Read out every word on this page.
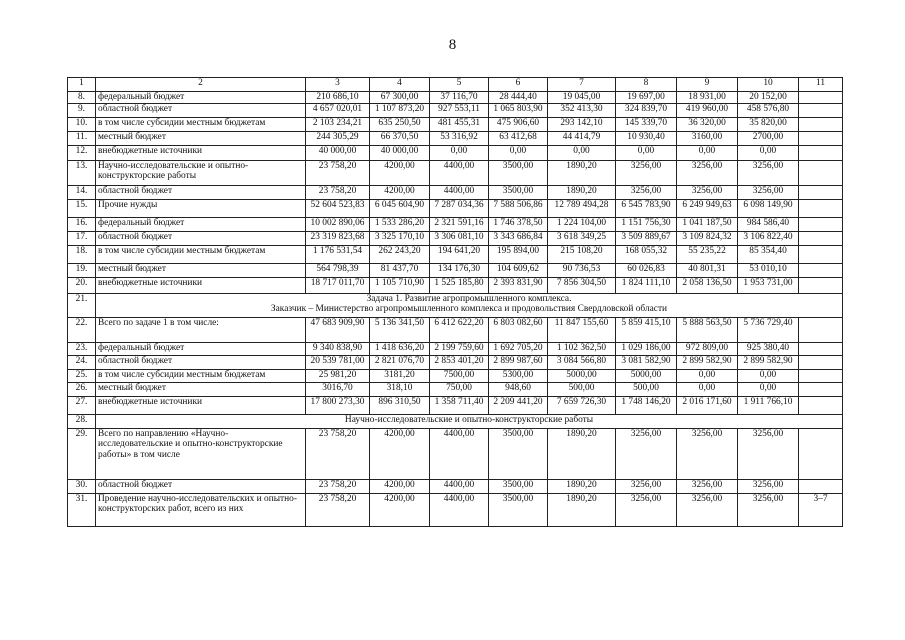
8
1	2	3	4	5	6	7	8	9	10	11
8.	федеральный бюджет	210 686,10	67 300,00	37 116,70	28 444,40	19 045,00	19 697,00	18 931,00	20 152,00	
9.	областной бюджет	4 657 020,01	1 107 873,20	927 553,11	1 065 803,90	352 413,30	324 839,70	419 960,00	458 576,80	
10.	в том числе субсидии местным бюджетам	2 103 234,21	635 250,50	481 455,31	475 906,60	293 142,10	145 339,70	36 320,00	35 820,00	
11.	местный бюджет	244 305,29	66 370,50	53 316,92	63 412,68	44 414,79	10 930,40	3160,00	2700,00	
12.	внебюджетные источники	40 000,00	40 000,00	0,00	0,00	0,00	0,00	0,00	0,00	
13.	Научно-исследовательские и опытно-конструкторские работы	23 758,20	4200,00	4400,00	3500,00	1890,20	3256,00	3256,00	3256,00	
14.	областной бюджет	23 758,20	4200,00	4400,00	3500,00	1890,20	3256,00	3256,00	3256,00	
15.	Прочие нужды	52 604 523,83	6 045 604,90	7 287 034,36	7 588 506,86	12 789 494,28	6 545 783,90	6 249 949,63	6 098 149,90	
16.	федеральный бюджет	10 002 890,06	1 533 286,20	2 321 591,16	1 746 378,50	1 224 104,00	1 151 756,30	1 041 187,50	984 586,40	
17.	областной бюджет	23 319 823,68	3 325 170,10	3 306 081,10	3 343 686,84	3 618 349,25	3 509 889,67	3 109 824,32	3 106 822,40	
18.	в том числе субсидии местным бюджетам	1 176 531,54	262 243,20	194 641,20	195 894,00	215 108,20	168 055,32	55 235,22	85 354,40	
19.	местный бюджет	564 798,39	81 437,70	134 176,30	104 609,62	90 736,53	60 026,83	40 801,31	53 010,10	
20.	внебюджетные источники	18 717 011,70	1 105 710,90	1 525 185,80	2 393 831,90	7 856 304,50	1 824 111,10	2 058 136,50	1 953 731,00	
21.	Задача 1. Развитие агропромышленного комплекса.
Заказчик – Министерство агропромышленного комплекса и продовольствия Свердловской области									

22.	Всего по задаче 1 в том числе:	47 683 909,90	5 136 341,50	6 412 622,20	6 803 082,60	11 847 155,60	5 859 415,10	5 888 563,50	5 736 729,40	
23.	федеральный бюджет	9 340 838,90	1 418 636,20	2 199 759,60	1 692 705,20	1 102 362,50	1 029 186,00	972 809,00	925 380,40	
24.	областной бюджет	20 539 781,00	2 821 076,70	2 853 401,20	2 899 987,60	3 084 566,80	3 081 582,90	2 899 582,90	2 899 582,90	
25.	в том числе субсидии местным бюджетам	25 981,20	3181,20	7500,00	5300,00	5000,00	5000,00	0,00	0,00	
26.	местный бюджет	3016,70	318,10	750,00	948,60	500,00	500,00	0,00	0,00	
27.	внебюджетные источники	17 800 273,30	896 310,50	1 358 711,40	2 209 441,20	7 659 726,30	1 748 146,20	2 016 171,60	1 911 766,10	
28.	Научно-исследовательские и опытно-конструкторские работы									
29.	Всего по направлению «Научно-исследовательские и опытно-конструкторские работы» в том числе	23 758,20	4200,00	4400,00	3500,00	1890,20	3256,00	3256,00	3256,00	
30.	областной бюджет	23 758,20	4200,00	4400,00	3500,00	1890,20	3256,00	3256,00	3256,00	
31.	Проведение научно-исследовательских и опытно-конструкторских работ, всего из них	23 758,20	4200,00	4400,00	3500,00	1890,20	3256,00	3256,00	3256,00	3–7
